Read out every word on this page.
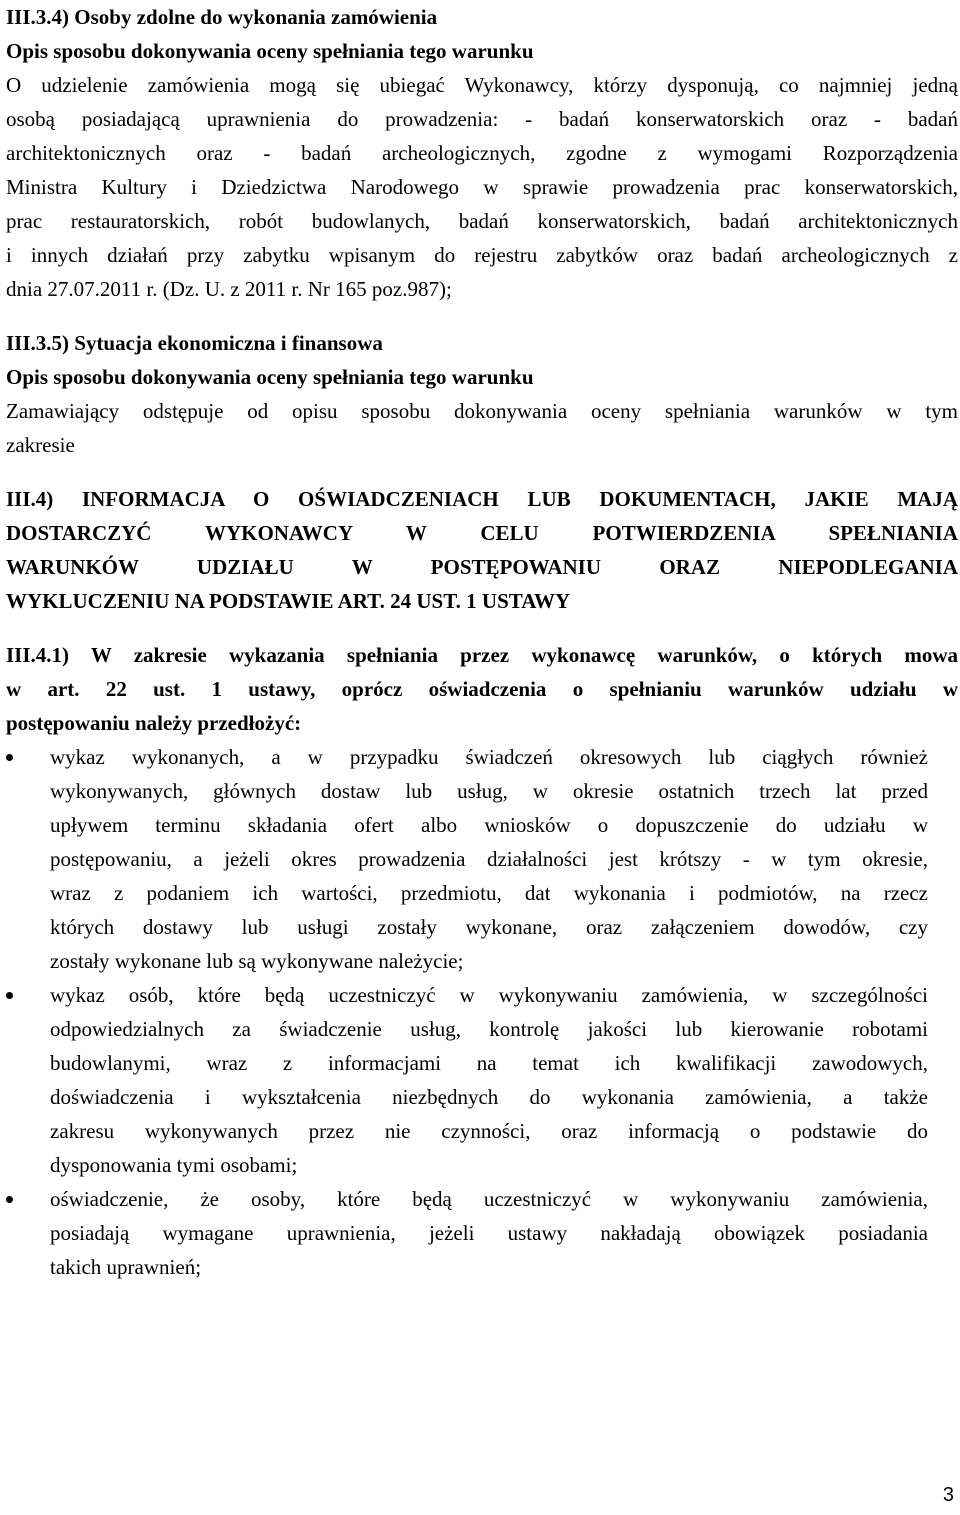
III.3.4) Osoby zdolne do wykonania zamówienia
Opis sposobu dokonywania oceny spełniania tego warunku
O udzielenie zamówienia mogą się ubiegać Wykonawcy, którzy dysponują, co najmniej jedną
osobą posiadającą uprawnienia do prowadzenia: - badań konserwatorskich oraz - badań
architektonicznych oraz - badań archeologicznych, zgodne z wymogami Rozporządzenia
Ministra Kultury i Dziedzictwa Narodowego w sprawie prowadzenia prac konserwatorskich,
prac restauratorskich, robót budowlanych, badań konserwatorskich, badań architektonicznych
i innych działań przy zabytku wpisanym do rejestru zabytków oraz badań archeologicznych z
dnia 27.07.2011 r. (Dz. U. z 2011 r. Nr 165 poz.987);
III.3.5) Sytuacja ekonomiczna i finansowa
Opis sposobu dokonywania oceny spełniania tego warunku
Zamawiający odstępuje od opisu sposobu dokonywania oceny spełniania warunków w tym
zakresie
III.4) INFORMACJA O OŚWIADCZENIACH LUB DOKUMENTACH, JAKIE MAJĄ
DOSTARCZYĆ WYKONAWCY W CELU POTWIERDZENIA SPEŁNIANIA
WARUNKÓW UDZIAŁU W POSTĘPOWANIU ORAZ NIEPODLEGANIA
WYKLUCZENIU NA PODSTAWIE ART. 24 UST. 1 USTAWY
III.4.1) W zakresie wykazania spełniania przez wykonawcę warunków, o których mowa
w art. 22 ust. 1 ustawy, oprócz oświadczenia o spełnianiu warunków udziału w
postępowaniu należy przedłożyć:
wykaz wykonanych, a w przypadku świadczeń okresowych lub ciągłych również
wykonywanych, głównych dostaw lub usług, w okresie ostatnich trzech lat przed
upływem terminu składania ofert albo wniosków o dopuszczenie do udziału w
postępowaniu, a jeżeli okres prowadzenia działalności jest krótszy - w tym okresie,
wraz z podaniem ich wartości, przedmiotu, dat wykonania i podmiotów, na rzecz
których dostawy lub usługi zostały wykonane, oraz załączeniem dowodów, czy
zostały wykonane lub są wykonywane należycie;
wykaz osób, które będą uczestniczyć w wykonywaniu zamówienia, w szczególności
odpowiedzialnych za świadczenie usług, kontrolę jakości lub kierowanie robotami
budowlanymi, wraz z informacjami na temat ich kwalifikacji zawodowych,
doświadczenia i wykształcenia niezbędnych do wykonania zamówienia, a także
zakresu wykonywanych przez nie czynności, oraz informacją o podstawie do
dysponowania tymi osobami;
oświadczenie, że osoby, które będą uczestniczyć w wykonywaniu zamówienia,
posiadają wymagane uprawnienia, jeżeli ustawy nakładają obowiązek posiadania
takich uprawnień;
3
